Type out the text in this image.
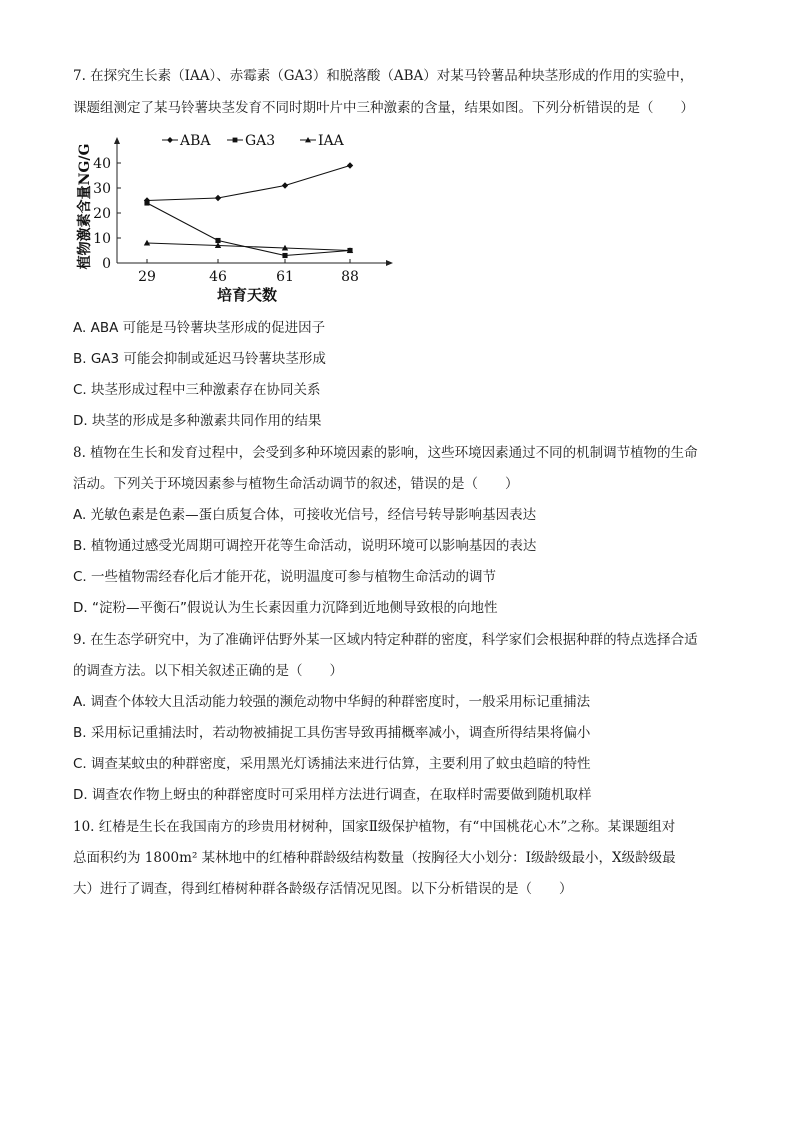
7. 在探究生长素（IAA）、赤霉素（GA3）和脱落酸（ABA）对某马铃薯品种块茎形成的作用的实验中，
课题组测定了某马铃薯块茎发育不同时期叶片中三种激素的含量，结果如图。下列分析错误的是（　　）
0
10
20
30
40
29	46	61	88
培育天数
植物激素含量NG/G
ABA GA3	IAA
A. ABA 可能是马铃薯块茎形成的促进因子
B. GA3 可能会抑制或延迟马铃薯块茎形成
C. 块茎形成过程中三种激素存在协同关系
D. 块茎的形成是多种激素共同作用的结果
8. 植物在生长和发育过程中，会受到多种环境因素的影响，这些环境因素通过不同的机制调节植物的生命
活动。下列关于环境因素参与植物生命活动调节的叙述，错误的是（　　）
A. 光敏色素是色素—蛋白质复合体，可接收光信号，经信号转导影响基因表达
B. 植物通过感受光周期可调控开花等生命活动，说明环境可以影响基因的表达
C. 一些植物需经春化后才能开花，说明温度可参与植物生命活动的调节
D. “淀粉—平衡石”假说认为生长素因重力沉降到近地侧导致根的向地性
9. 在生态学研究中，为了准确评估野外某一区域内特定种群的密度，科学家们会根据种群的特点选择合适
的调查方法。以下相关叙述正确的是（　　）
A. 调查个体较大且活动能力较强的濒危动物中华鲟的种群密度时，一般采用标记重捕法
B. 采用标记重捕法时，若动物被捕捉工具伤害导致再捕概率减小，调查所得结果将偏小
C. 调查某蚊虫的种群密度，采用黑光灯诱捕法来进行估算，主要利用了蚊虫趋暗的特性
D. 调查农作物上蚜虫的种群密度时可采用样方法进行调查，在取样时需要做到随机取样
10. 红椿是生长在我国南方的珍贵用材树种，国家Ⅱ级保护植物，有“中国桃花心木”之称。某课题组对
总面积约为 1800m² 某林地中的红椿种群龄级结构数量（按胸径大小划分：Ⅰ级龄级最小，Ⅹ级龄级最
大）进行了调查，得到红椿树种群各龄级存活情况见图。以下分析错误的是（　　）
